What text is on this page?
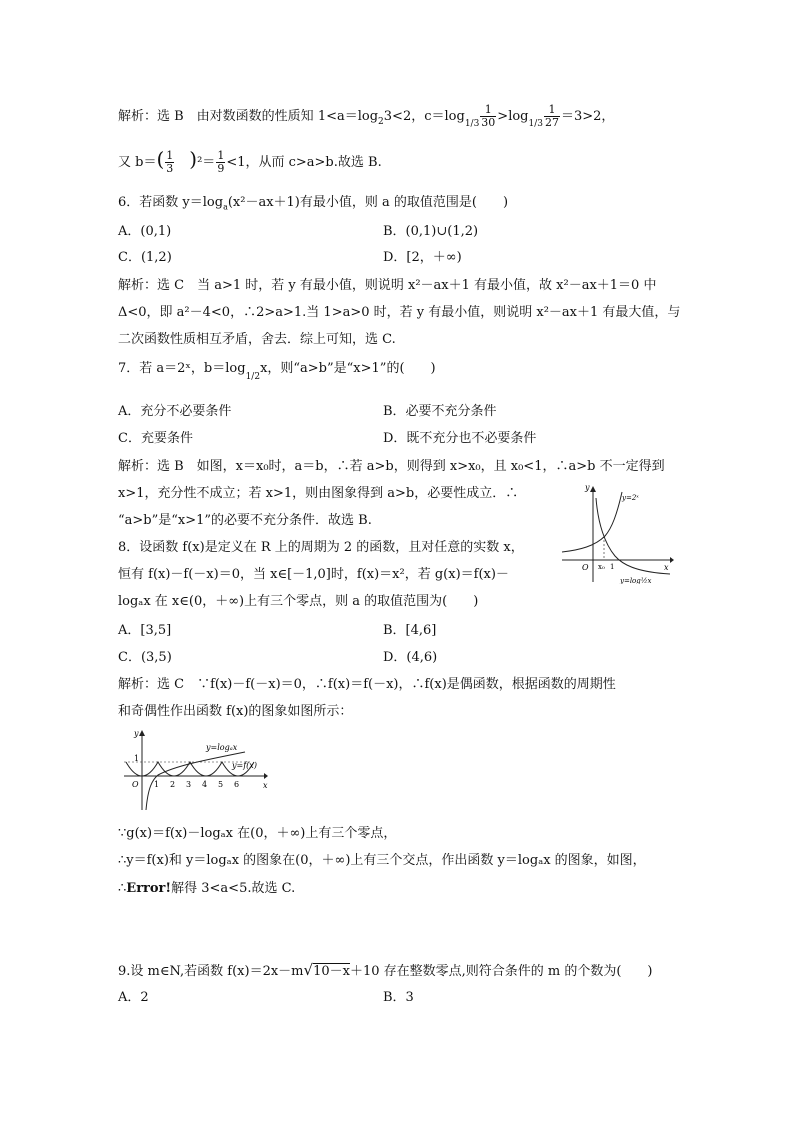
解析：选 B　由对数函数的性质知 $1<a=\log_23<2$，$c=\log_{1/3} \frac{1}{30} >\log_{1/3} \frac{1}{27} =3>2$，
又 $b=( \frac{1}{3} )^2= \frac{1}{9} <1$，从而 c>a>b.故选 B.
6．若函数 $y=\log_a(x^2-ax+1)$有最小值，则 a 的取值范围是(　　)
A．(0,1)	B．(0,1)∪(1,2)
C．(1,2)	D．[2，＋∞)
解析：选 C　当 a>1 时，若 y 有最小值，则说明 x²－ax＋1 有最小值，故 x²－ax＋1＝0 中
Δ<0，即 a²－4<0，∴2>a>1.当 1>a>0 时，若 y 有最小值，则说明 x²－ax＋1 有最大值，与
二次函数性质相互矛盾，舍去．综上可知，选 C.
7．若 a＝2ˣ，$b=\log_{1/2}x$，则“a>b”是“x>1”的(　　)
A．充分不必要条件	B．必要不充分条件
C．充要条件	D．既不充分也不必要条件
解析：选 B　如图，x＝x₀时，a＝b，∴若 a>b，则得到 x>x₀，且 x₀<1，∴a>b 不一定得到
x>1，充分性不成立；若 x>1，则由图象得到 a>b，必要性成立．∴
“a>b”是“x>1”的必要不充分条件．故选 B.
y
x
O x₀ 1
y=2ˣ
y=log½x
8．设函数 f(x)是定义在 R 上的周期为 2 的函数，且对任意的实数 x，
恒有 f(x)－f(－x)＝0，当 x∈[－1,0]时，f(x)＝x²，若 g(x)＝f(x)－
logₐx 在 x∈(0，＋∞)上有三个零点，则 a 的取值范围为(　　)
A．[3,5]	B．[4,6]
C．(3,5)	D．(4,6)
解析：选 C　∵f(x)－f(－x)＝0，∴f(x)＝f(－x)，∴f(x)是偶函数，根据函数的周期性
和奇偶性作出函数 f(x)的图象如图所示：
y
x
O
1
1 2 3 4 5 6
y=logₐx
y=f(x)
∵g(x)＝f(x)－logₐx 在(0，＋∞)上有三个零点，
∴y＝f(x)和 y＝logₐx 的图象在(0，＋∞)上有三个交点，作出函数 y＝logₐx 的图象，如图，
∴Error!解得 3<a<5.故选 C.
9.设 m∈N,若函数 f(x)＝2x－m√10－x＋10 存在整数零点,则符合条件的 m 的个数为(　　)
A．2	B．3
